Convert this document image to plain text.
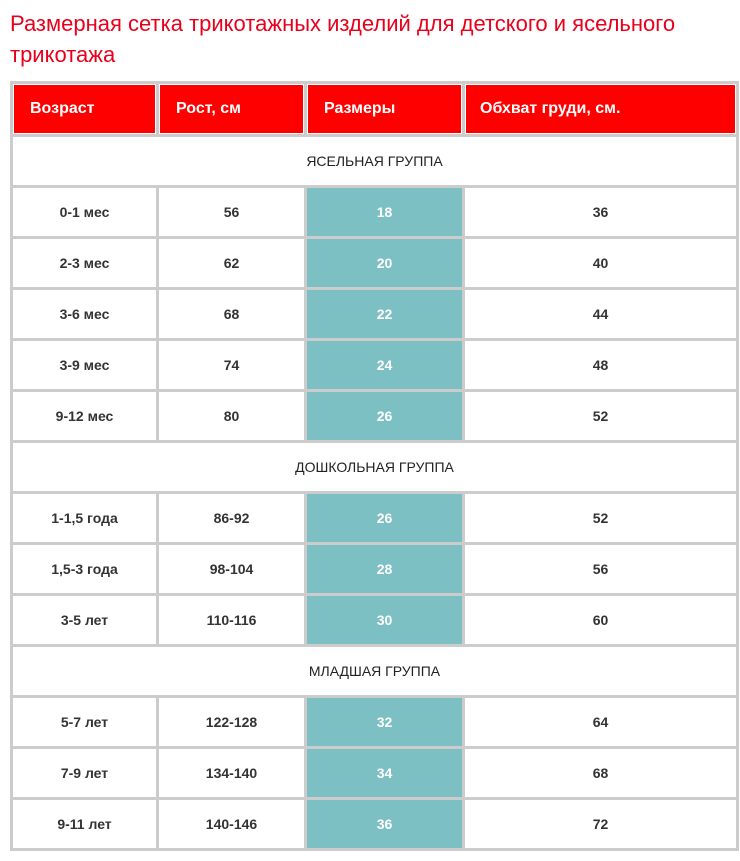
Размерная сетка трикотажных изделий для детского и ясельного трикотажа
Возраст	Рост, см	Размеры	Обхват груди, см.
ЯСЕЛЬНАЯ ГРУППА			
0-1 мес	56	18	36
2-3 мес	62	20	40
3-6 мес	68	22	44
3-9 мес	74	24	48
9-12 мес	80	26	52
ДОШКОЛЬНАЯ ГРУППА			
1-1,5 года	86-92	26	52
1,5-3 года	98-104	28	56
3-5 лет	110-116	30	60
МЛАДШАЯ ГРУППА			
5-7 лет	122-128	32	64
7-9 лет	134-140	34	68
9-11 лет	140-146	36	72
